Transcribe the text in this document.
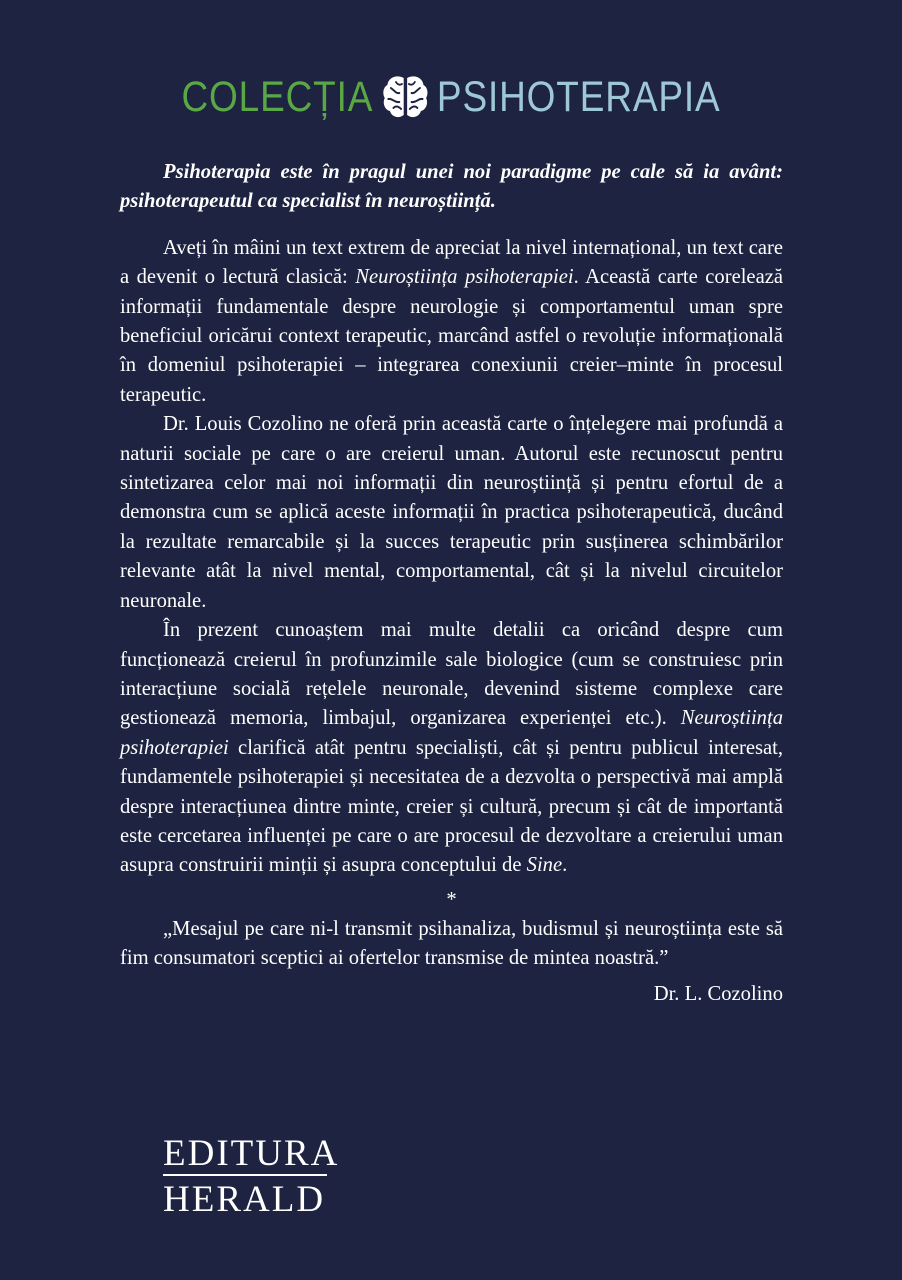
COLECȚIA PSIHOTERAPIA

Psihoterapia este în pragul unei noi paradigme pe cale să ia avânt: psihoterapeutul ca specialist în neuroștiință.

Aveți în mâini un text extrem de apreciat la nivel internațional, un text care a devenit o lectură clasică: Neuroștiința psihoterapiei. Această carte corelează informații fundamentale despre neurologie și comportamentul uman spre beneficiul oricărui context terapeutic, marcând astfel o revoluție informațională în domeniul psihoterapiei – integrarea conexiunii creier–minte în procesul terapeutic.

Dr. Louis Cozolino ne oferă prin această carte o înțelegere mai profundă a naturii sociale pe care o are creierul uman. Autorul este recunoscut pentru sintetizarea celor mai noi informații din neuroștiință și pentru efortul de a demonstra cum se aplică aceste informații în practica psihoterapeutică, ducând la rezultate remarcabile și la succes terapeutic prin susținerea schimbărilor relevante atât la nivel mental, comportamental, cât și la nivelul circuitelor neuronale.

În prezent cunoaștem mai multe detalii ca oricând despre cum funcționează creierul în profunzimile sale biologice (cum se construiesc prin interacțiune socială rețelele neuronale, devenind sisteme complexe care gestionează memoria, limbajul, organizarea experienței etc.). Neuroștiința psihoterapiei clarifică atât pentru specialiști, cât și pentru publicul interesat, fundamentele psihoterapiei și necesitatea de a dezvolta o perspectivă mai amplă despre interacțiunea dintre minte, creier și cultură, precum și cât de importantă este cercetarea influenței pe care o are procesul de dezvoltare a creierului uman asupra construirii minții și asupra conceptului de Sine.

*

„Mesajul pe care ni-l transmit psihanaliza, budismul și neuroștiința este să fim consumatori sceptici ai ofertelor transmise de mintea noastră.”

Dr. L. Cozolino

EDITURA
HERALD
